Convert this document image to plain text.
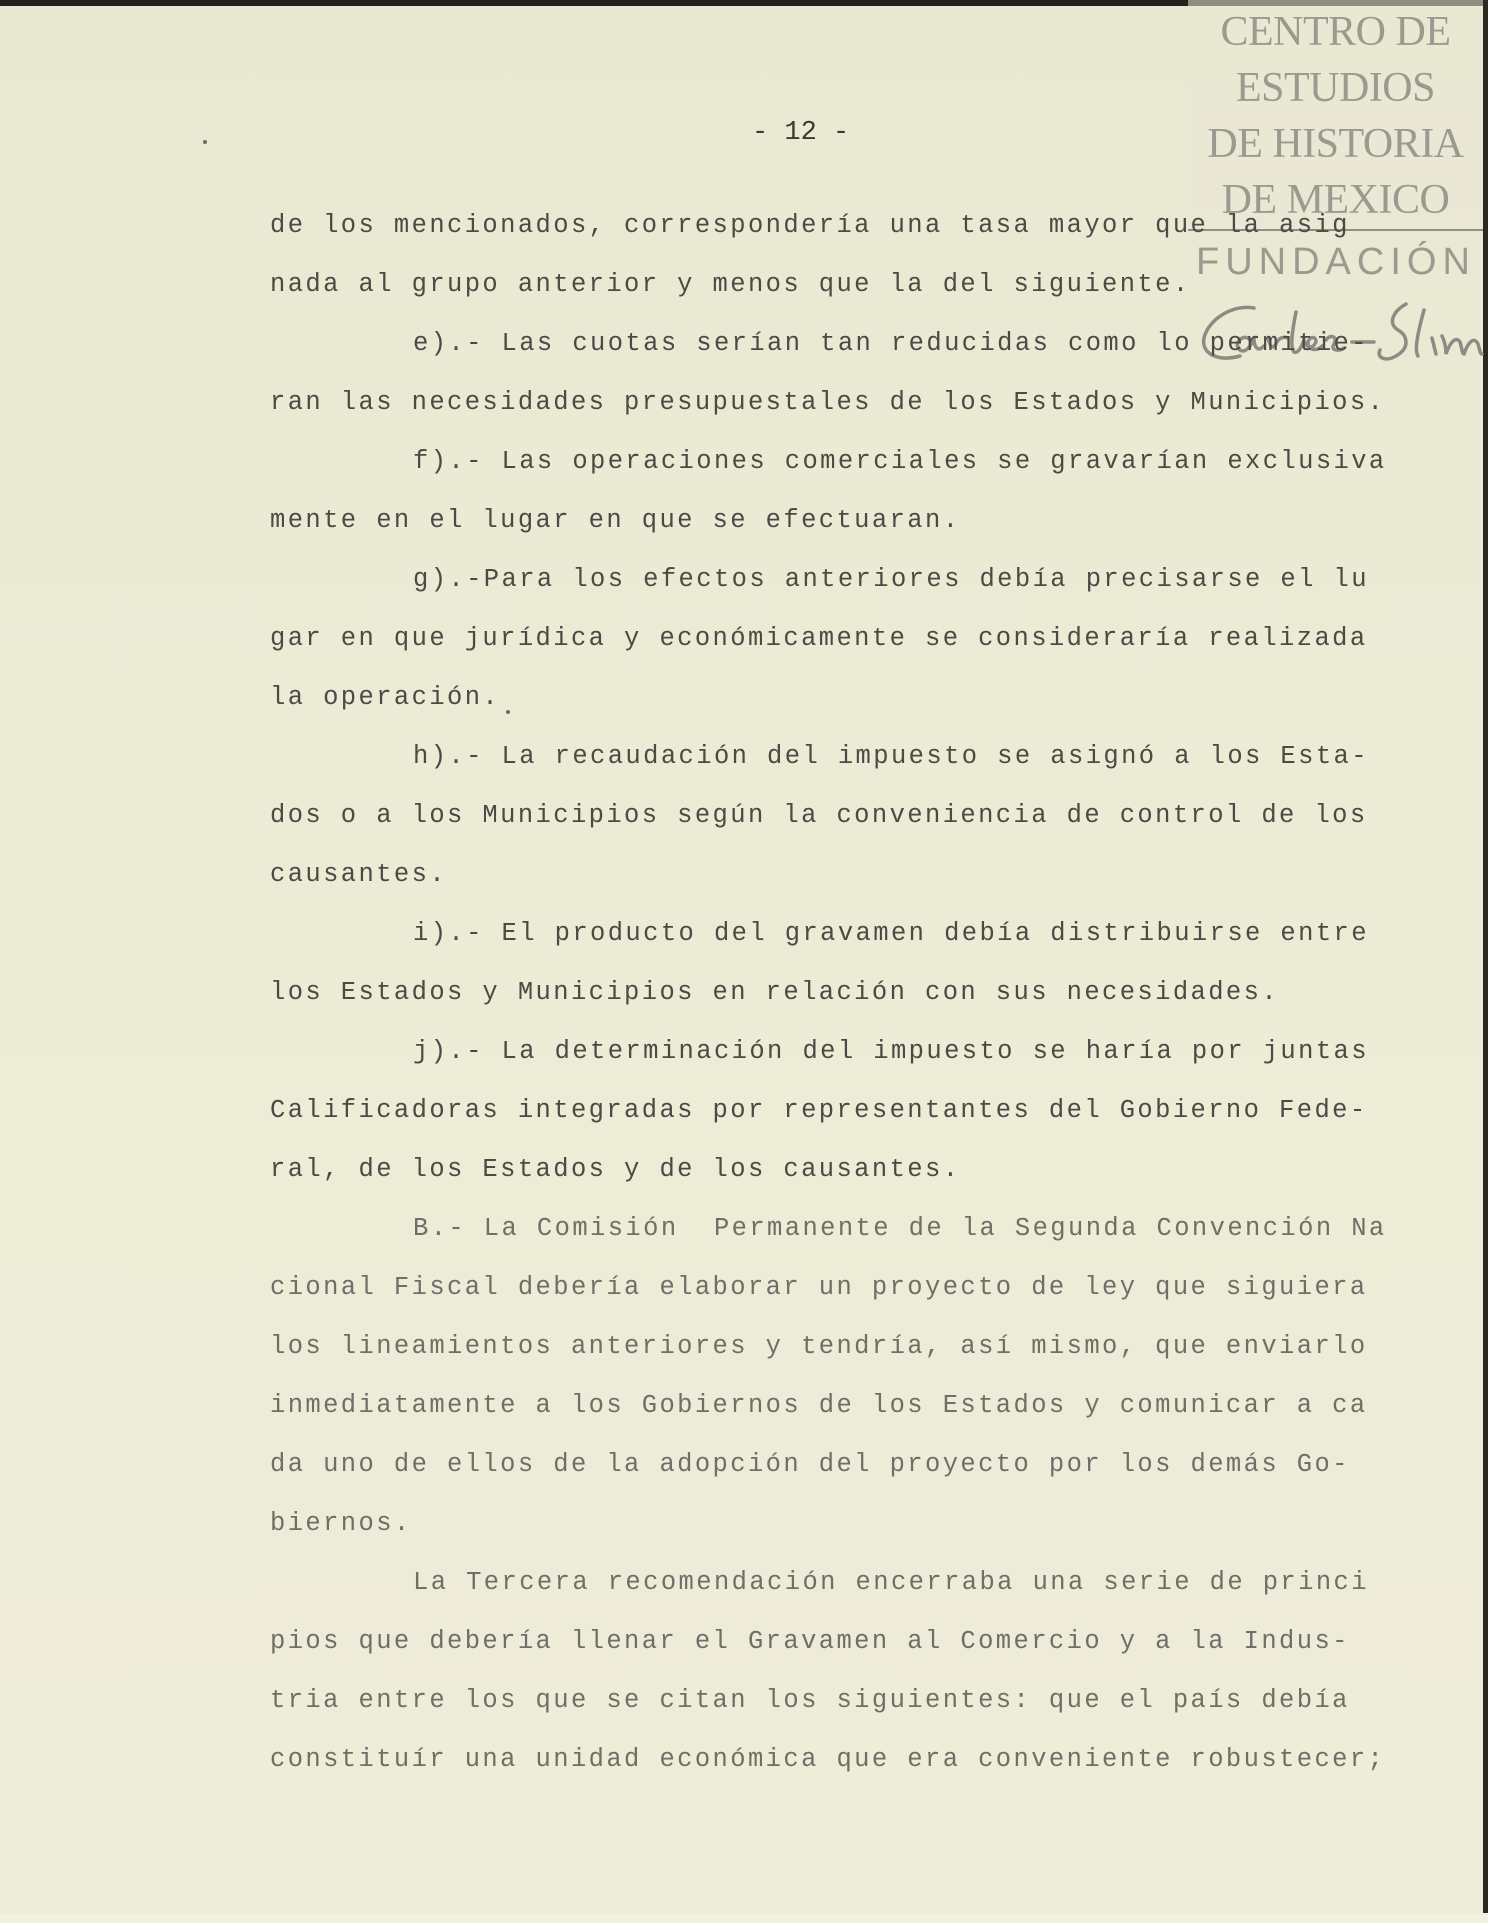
CENTRO DE
ESTUDIOS
DE HISTORIA
DE MEXICO
FUNDACIÓN
- 12 -
de los mencionados, correspondería una tasa mayor que la asig
nada al grupo anterior y menos que la del siguiente.
e).- Las cuotas serían tan reducidas como lo permitie-
ran las necesidades presupuestales de los Estados y Municipios.
f).- Las operaciones comerciales se gravarían exclusiva
mente en el lugar en que se efectuaran.
g).-Para los efectos anteriores debía precisarse el lu
gar en que jurídica y económicamente se consideraría realizada
la operación.
h).- La recaudación del impuesto se asignó a los Esta-
dos o a los Municipios según la conveniencia de control de los
causantes.
i).- El producto del gravamen debía distribuirse entre
los Estados y Municipios en relación con sus necesidades.
j).- La determinación del impuesto se haría por juntas
Calificadoras integradas por representantes del Gobierno Fede-
ral, de los Estados y de los causantes.
B.- La Comisión  Permanente de la Segunda Convención Na
cional Fiscal debería elaborar un proyecto de ley que siguiera
los lineamientos anteriores y tendría, así mismo, que enviarlo
inmediatamente a los Gobiernos de los Estados y comunicar a ca
da uno de ellos de la adopción del proyecto por los demás Go-
biernos.
La Tercera recomendación encerraba una serie de princi
pios que debería llenar el Gravamen al Comercio y a la Indus-
tria entre los que se citan los siguientes: que el país debía
constituír una unidad económica que era conveniente robustecer;
